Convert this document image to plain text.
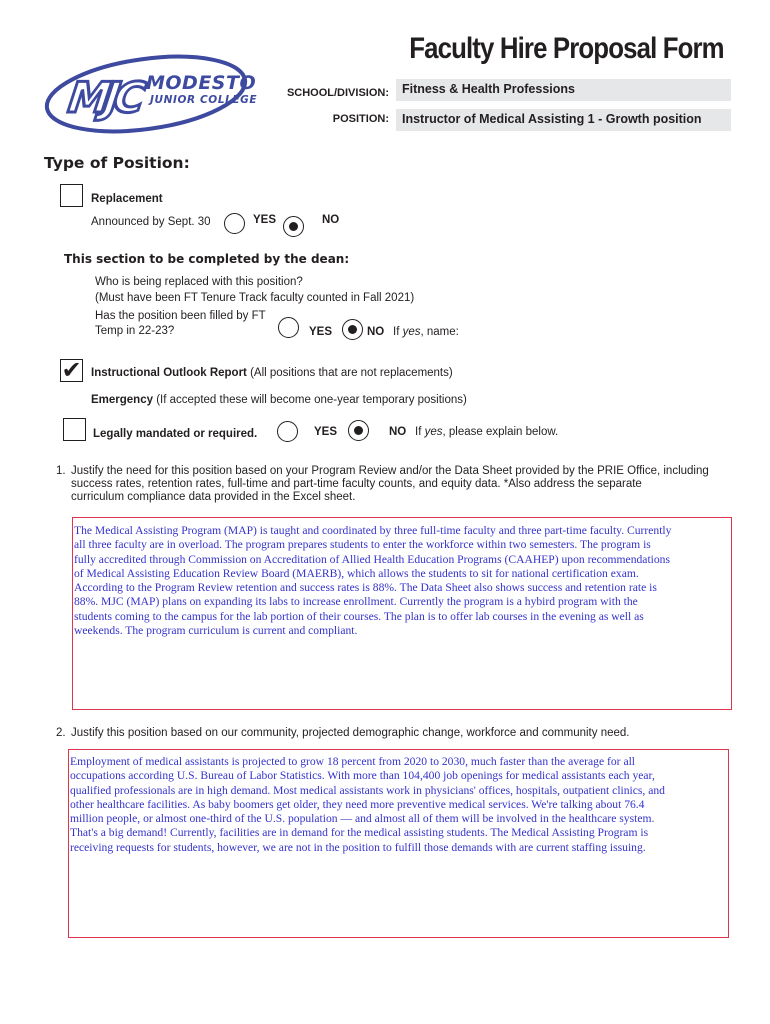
MJC MODESTO
JUNIOR COLLEGE
Faculty Hire Proposal Form
SCHOOL/DIVISION:	Fitness & Health Professions
POSITION:	Instructor of Medical Assisting 1 - Growth position
Type of Position:
Replacement
Announced by Sept. 30	YES	NO
This section to be completed by the dean:
Who is being replaced with this position?
(Must have been FT Tenure Track faculty counted in Fall 2021)
Has the position been filled by FT
Temp in 22-23?	YES	NO If yes, name:
✔ Instructional Outlook Report (All positions that are not replacements)
Emergency (If accepted these will become one-year temporary positions)
Legally mandated or required.	YES	NO If yes, please explain below.
1. Justify the need for this position based on your Program Review and/or the Data Sheet provided by the PRIE Office, including
success rates, retention rates, full-time and part-time faculty counts, and equity data. *Also address the separate
curriculum compliance data provided in the Excel sheet.
The Medical Assisting Program (MAP) is taught and coordinated by three full-time faculty and three part-time faculty. Currently
all three faculty are in overload. The program prepares students to enter the workforce within two semesters. The program is
fully accredited through Commission on Accreditation of Allied Health Education Programs (CAAHEP) upon recommendations
of Medical Assisting Education Review Board (MAERB), which allows the students to sit for national certification exam.
According to the Program Review retention and success rates is 88%. The Data Sheet also shows success and retention rate is
88%. MJC (MAP) plans on expanding its labs to increase enrollment. Currently the program is a hybird program with the
students coming to the campus for the lab portion of their courses. The plan is to offer lab courses in the evening as well as
weekends. The program curriculum is current and compliant.
2. Justify this position based on our community, projected demographic change, workforce and community need.
Employment of medical assistants is projected to grow 18 percent from 2020 to 2030, much faster than the average for all
occupations according U.S. Bureau of Labor Statistics. With more than 104,400 job openings for medical assistants each year,
qualified professionals are in high demand. Most medical assistants work in physicians' offices, hospitals, outpatient clinics, and
other healthcare facilities. As baby boomers get older, they need more preventive medical services. We're talking about 76.4
million people, or almost one-third of the U.S. population — and almost all of them will be involved in the healthcare system.
That's a big demand! Currently, facilities are in demand for the medical assisting students. The Medical Assisting Program is
receiving requests for students, however, we are not in the position to fulfill those demands with are current staffing issuing.
